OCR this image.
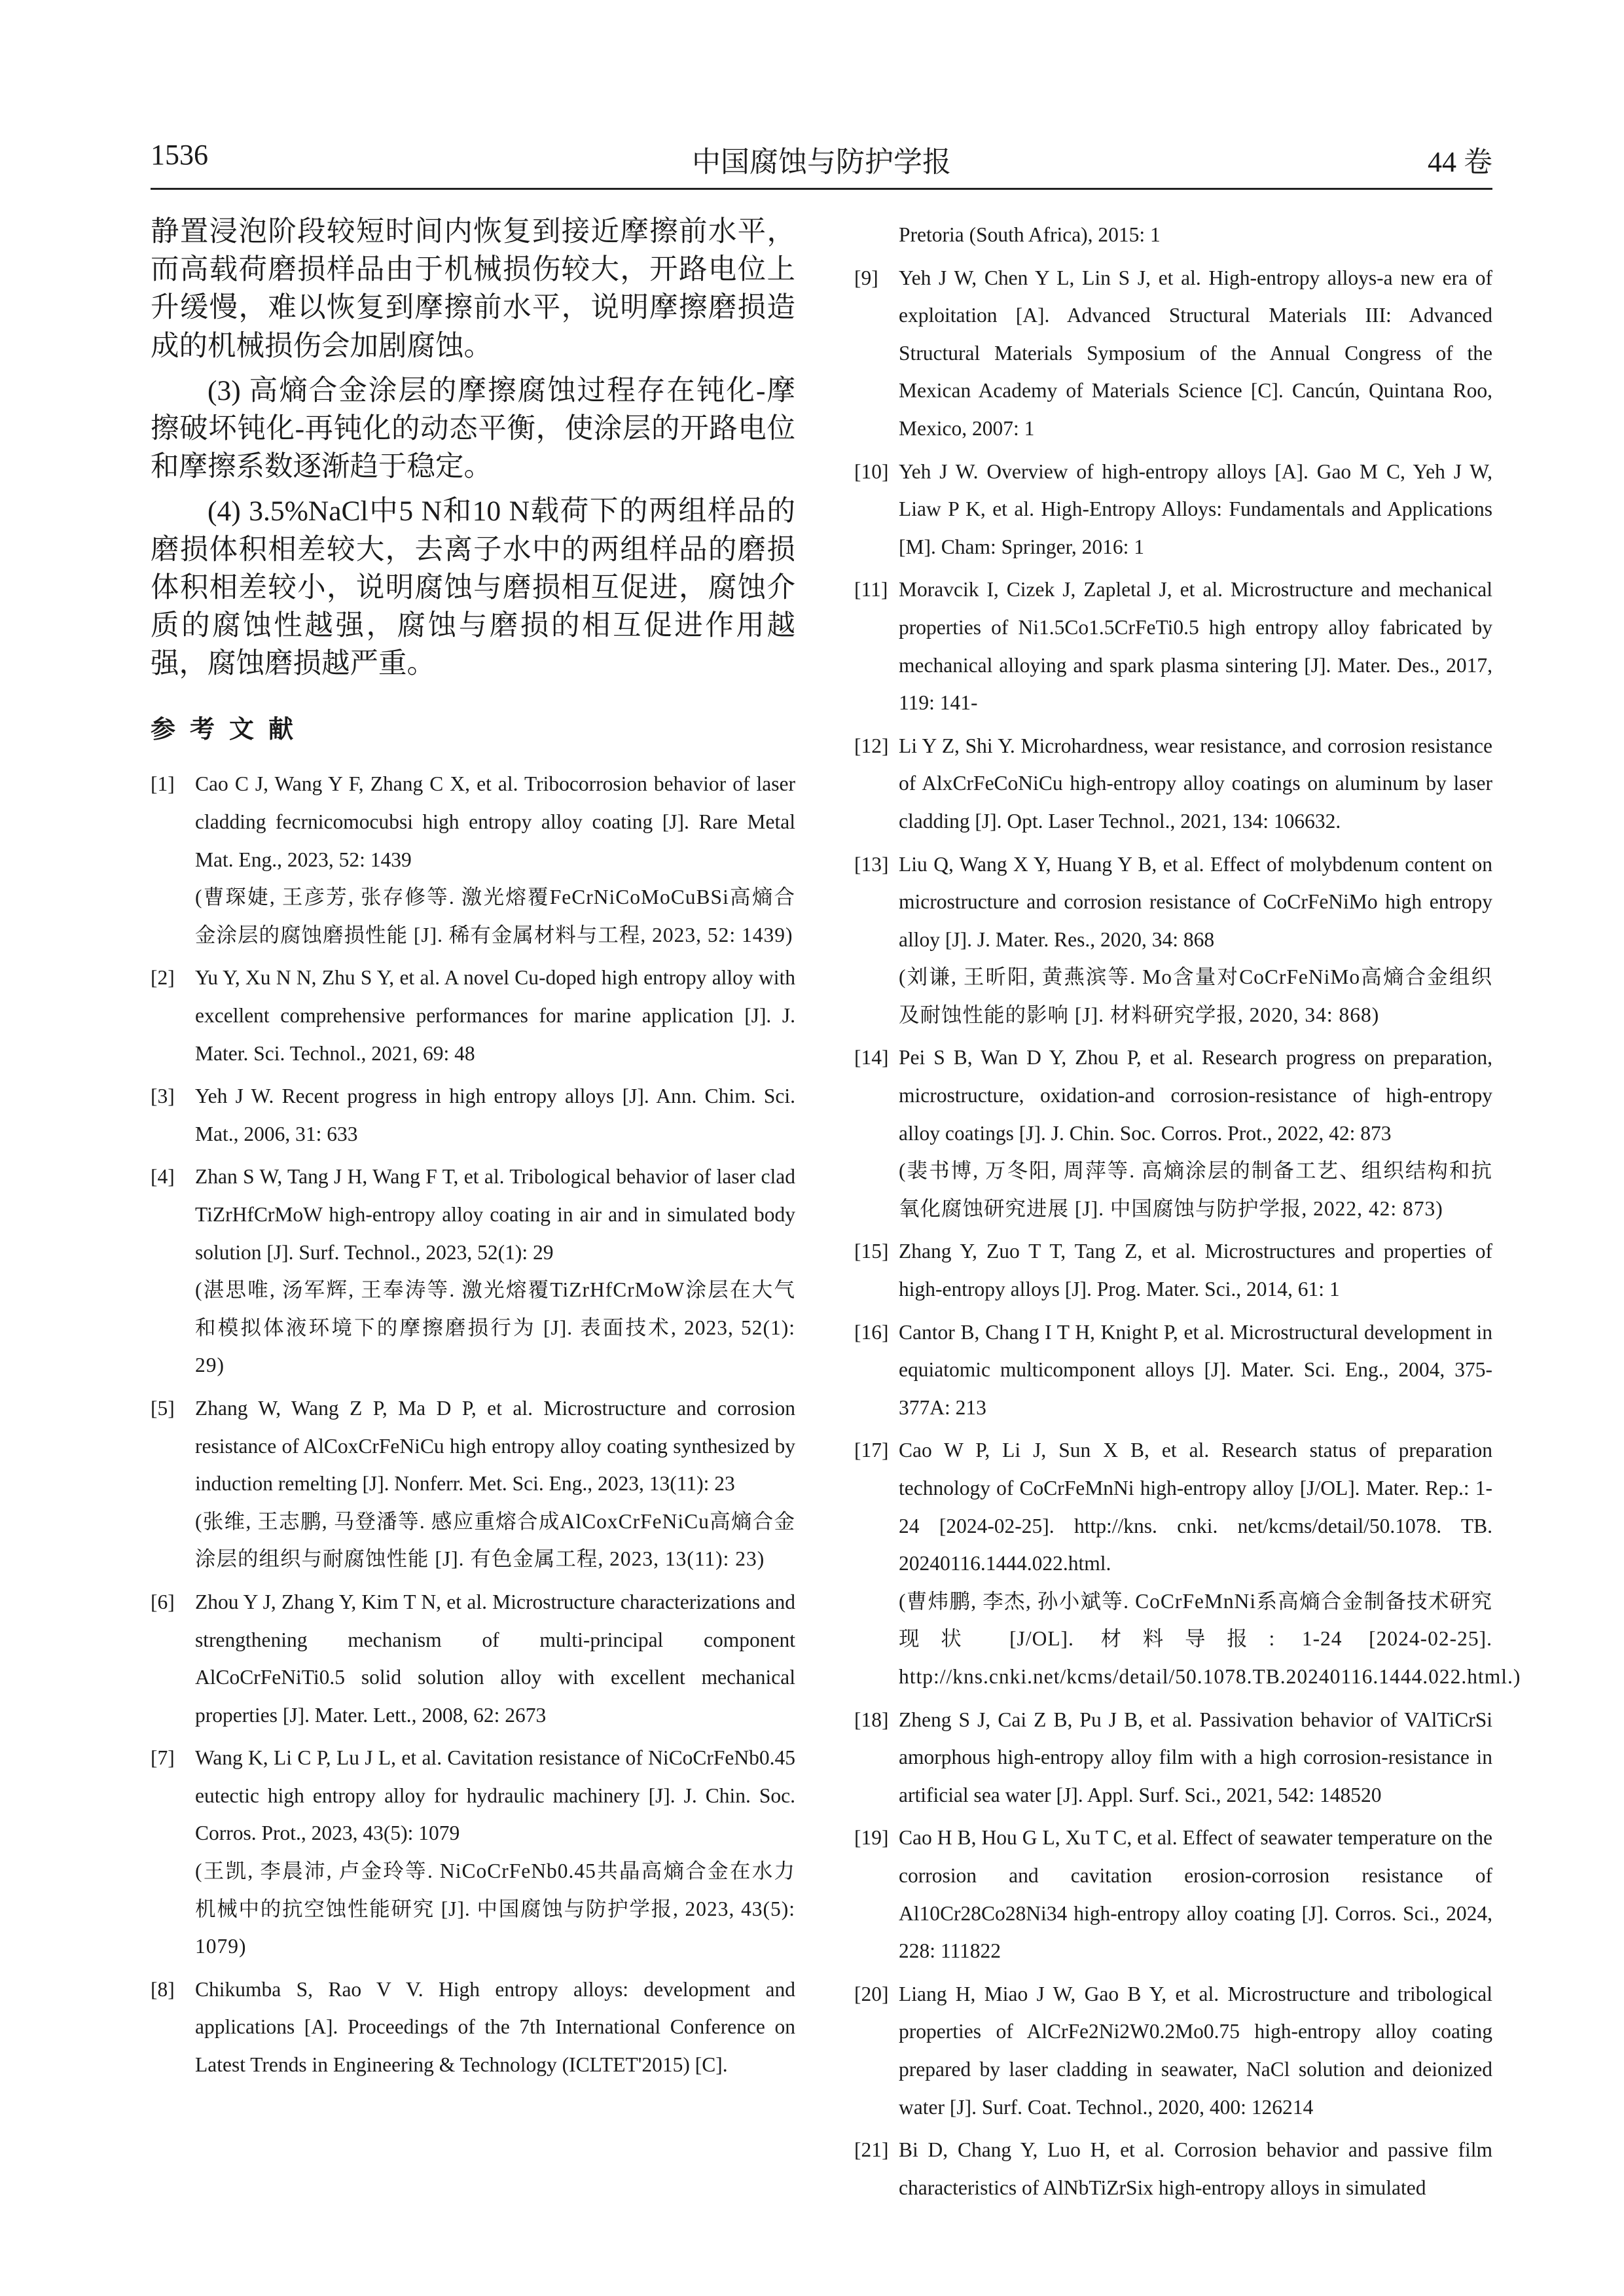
1536	中国腐蚀与防护学报	44 卷

静置浸泡阶段较短时间内恢复到接近摩擦前水平，而高载荷磨损样品由于机械损伤较大，开路电位上升缓慢，难以恢复到摩擦前水平，说明摩擦磨损造成的机械损伤会加剧腐蚀。

(3) 高熵合金涂层的摩擦腐蚀过程存在钝化-摩擦破坏钝化-再钝化的动态平衡，使涂层的开路电位和摩擦系数逐渐趋于稳定。

(4) 3.5%NaCl中5 N和10 N载荷下的两组样品的磨损体积相差较大，去离子水中的两组样品的磨损体积相差较小，说明腐蚀与磨损相互促进，腐蚀介质的腐蚀性越强，腐蚀与磨损的相互促进作用越强，腐蚀磨损越严重。

参考文献
[1] Cao C J, Wang Y F, Zhang C X, et al. Tribocorrosion behavior of laser cladding fecrnicomocubsi high entropy alloy coating [J]. Rare Metal Mat. Eng., 2023, 52: 1439
(曹琛婕, 王彦芳, 张存修等. 激光熔覆FeCrNiCoMoCuBSi高熵合金涂层的腐蚀磨损性能 [J]. 稀有金属材料与工程, 2023, 52: 1439)
[2] Yu Y, Xu N N, Zhu S Y, et al. A novel Cu-doped high entropy alloy with excellent comprehensive performances for marine application [J]. J. Mater. Sci. Technol., 2021, 69: 48
[3] Yeh J W. Recent progress in high entropy alloys [J]. Ann. Chim. Sci. Mat., 2006, 31: 633
[4] Zhan S W, Tang J H, Wang F T, et al. Tribological behavior of laser clad TiZrHfCrMoW high-entropy alloy coating in air and in simulated body solution [J]. Surf. Technol., 2023, 52(1): 29
(湛思唯, 汤军辉, 王奉涛等. 激光熔覆TiZrHfCrMoW涂层在大气和模拟体液环境下的摩擦磨损行为 [J]. 表面技术, 2023, 52(1): 29)
[5] Zhang W, Wang Z P, Ma D P, et al. Microstructure and corrosion resistance of AlCoxCrFeNiCu high entropy alloy coating synthesized by induction remelting [J]. Nonferr. Met. Sci. Eng., 2023, 13(11): 23
(张维, 王志鹏, 马登潘等. 感应重熔合成AlCoxCrFeNiCu高熵合金涂层的组织与耐腐蚀性能 [J]. 有色金属工程, 2023, 13(11): 23)
[6] Zhou Y J, Zhang Y, Kim T N, et al. Microstructure characterizations and strengthening mechanism of multi-principal component AlCoCrFeNiTi0.5 solid solution alloy with excellent mechanical properties [J]. Mater. Lett., 2008, 62: 2673
[7] Wang K, Li C P, Lu J L, et al. Cavitation resistance of NiCoCrFeNb0.45 eutectic high entropy alloy for hydraulic machinery [J]. J. Chin. Soc. Corros. Prot., 2023, 43(5): 1079
(王凯, 李晨沛, 卢金玲等. NiCoCrFeNb0.45共晶高熵合金在水力机械中的抗空蚀性能研究 [J]. 中国腐蚀与防护学报, 2023, 43(5): 1079)
[8] Chikumba S, Rao V V. High entropy alloys: development and applications [A]. Proceedings of the 7th International Conference on Latest Trends in Engineering & Technology (ICLTET'2015) [C].
Pretoria (South Africa), 2015: 1
[9] Yeh J W, Chen Y L, Lin S J, et al. High-entropy alloys-a new era of exploitation [A]. Advanced Structural Materials III: Advanced Structural Materials Symposium of the Annual Congress of the Mexican Academy of Materials Science [C]. Cancún, Quintana Roo, Mexico, 2007: 1
[10] Yeh J W. Overview of high-entropy alloys [A]. Gao M C, Yeh J W, Liaw P K, et al. High-Entropy Alloys: Fundamentals and Applications [M]. Cham: Springer, 2016: 1
[11] Moravcik I, Cizek J, Zapletal J, et al. Microstructure and mechanical properties of Ni1.5Co1.5CrFeTi0.5 high entropy alloy fabricated by mechanical alloying and spark plasma sintering [J]. Mater. Des., 2017, 119: 141-
[12] Li Y Z, Shi Y. Microhardness, wear resistance, and corrosion resistance of AlxCrFeCoNiCu high-entropy alloy coatings on aluminum by laser cladding [J]. Opt. Laser Technol., 2021, 134: 106632.
[13] Liu Q, Wang X Y, Huang Y B, et al. Effect of molybdenum content on microstructure and corrosion resistance of CoCrFeNiMo high entropy alloy [J]. J. Mater. Res., 2020, 34: 868
(刘谦, 王昕阳, 黄燕滨等. Mo含量对CoCrFeNiMo高熵合金组织及耐蚀性能的影响 [J]. 材料研究学报, 2020, 34: 868)
[14] Pei S B, Wan D Y, Zhou P, et al. Research progress on preparation, microstructure, oxidation-and corrosion-resistance of high-entropy alloy coatings [J]. J. Chin. Soc. Corros. Prot., 2022, 42: 873
(裴书博, 万冬阳, 周萍等. 高熵涂层的制备工艺、组织结构和抗氧化腐蚀研究进展 [J]. 中国腐蚀与防护学报, 2022, 42: 873)
[15] Zhang Y, Zuo T T, Tang Z, et al. Microstructures and properties of high-entropy alloys [J]. Prog. Mater. Sci., 2014, 61: 1
[16] Cantor B, Chang I T H, Knight P, et al. Microstructural development in equiatomic multicomponent alloys [J]. Mater. Sci. Eng., 2004, 375-377A: 213
[17] Cao W P, Li J, Sun X B, et al. Research status of preparation technology of CoCrFeMnNi high-entropy alloy [J/OL]. Mater. Rep.: 1-24 [2024-02-25]. http://kns. cnki. net/kcms/detail/50.1078. TB. 20240116.1444.022.html.
(曹炜鹏, 李杰, 孙小斌等. CoCrFeMnNi系高熵合金制备技术研究现状 [J/OL]. 材料导报: 1-24 [2024-02-25]. http://kns.cnki.net/kcms/detail/50.1078.TB.20240116.1444.022.html.)
[18] Zheng S J, Cai Z B, Pu J B, et al. Passivation behavior of VAlTiCrSi amorphous high-entropy alloy film with a high corrosion-resistance in artificial sea water [J]. Appl. Surf. Sci., 2021, 542: 148520
[19] Cao H B, Hou G L, Xu T C, et al. Effect of seawater temperature on the corrosion and cavitation erosion-corrosion resistance of Al10Cr28Co28Ni34 high-entropy alloy coating [J]. Corros. Sci., 2024, 228: 111822
[20] Liang H, Miao J W, Gao B Y, et al. Microstructure and tribological properties of AlCrFe2Ni2W0.2Mo0.75 high-entropy alloy coating prepared by laser cladding in seawater, NaCl solution and deionized water [J]. Surf. Coat. Technol., 2020, 400: 126214
[21] Bi D, Chang Y, Luo H, et al. Corrosion behavior and passive film characteristics of AlNbTiZrSix high-entropy alloys in simulated
